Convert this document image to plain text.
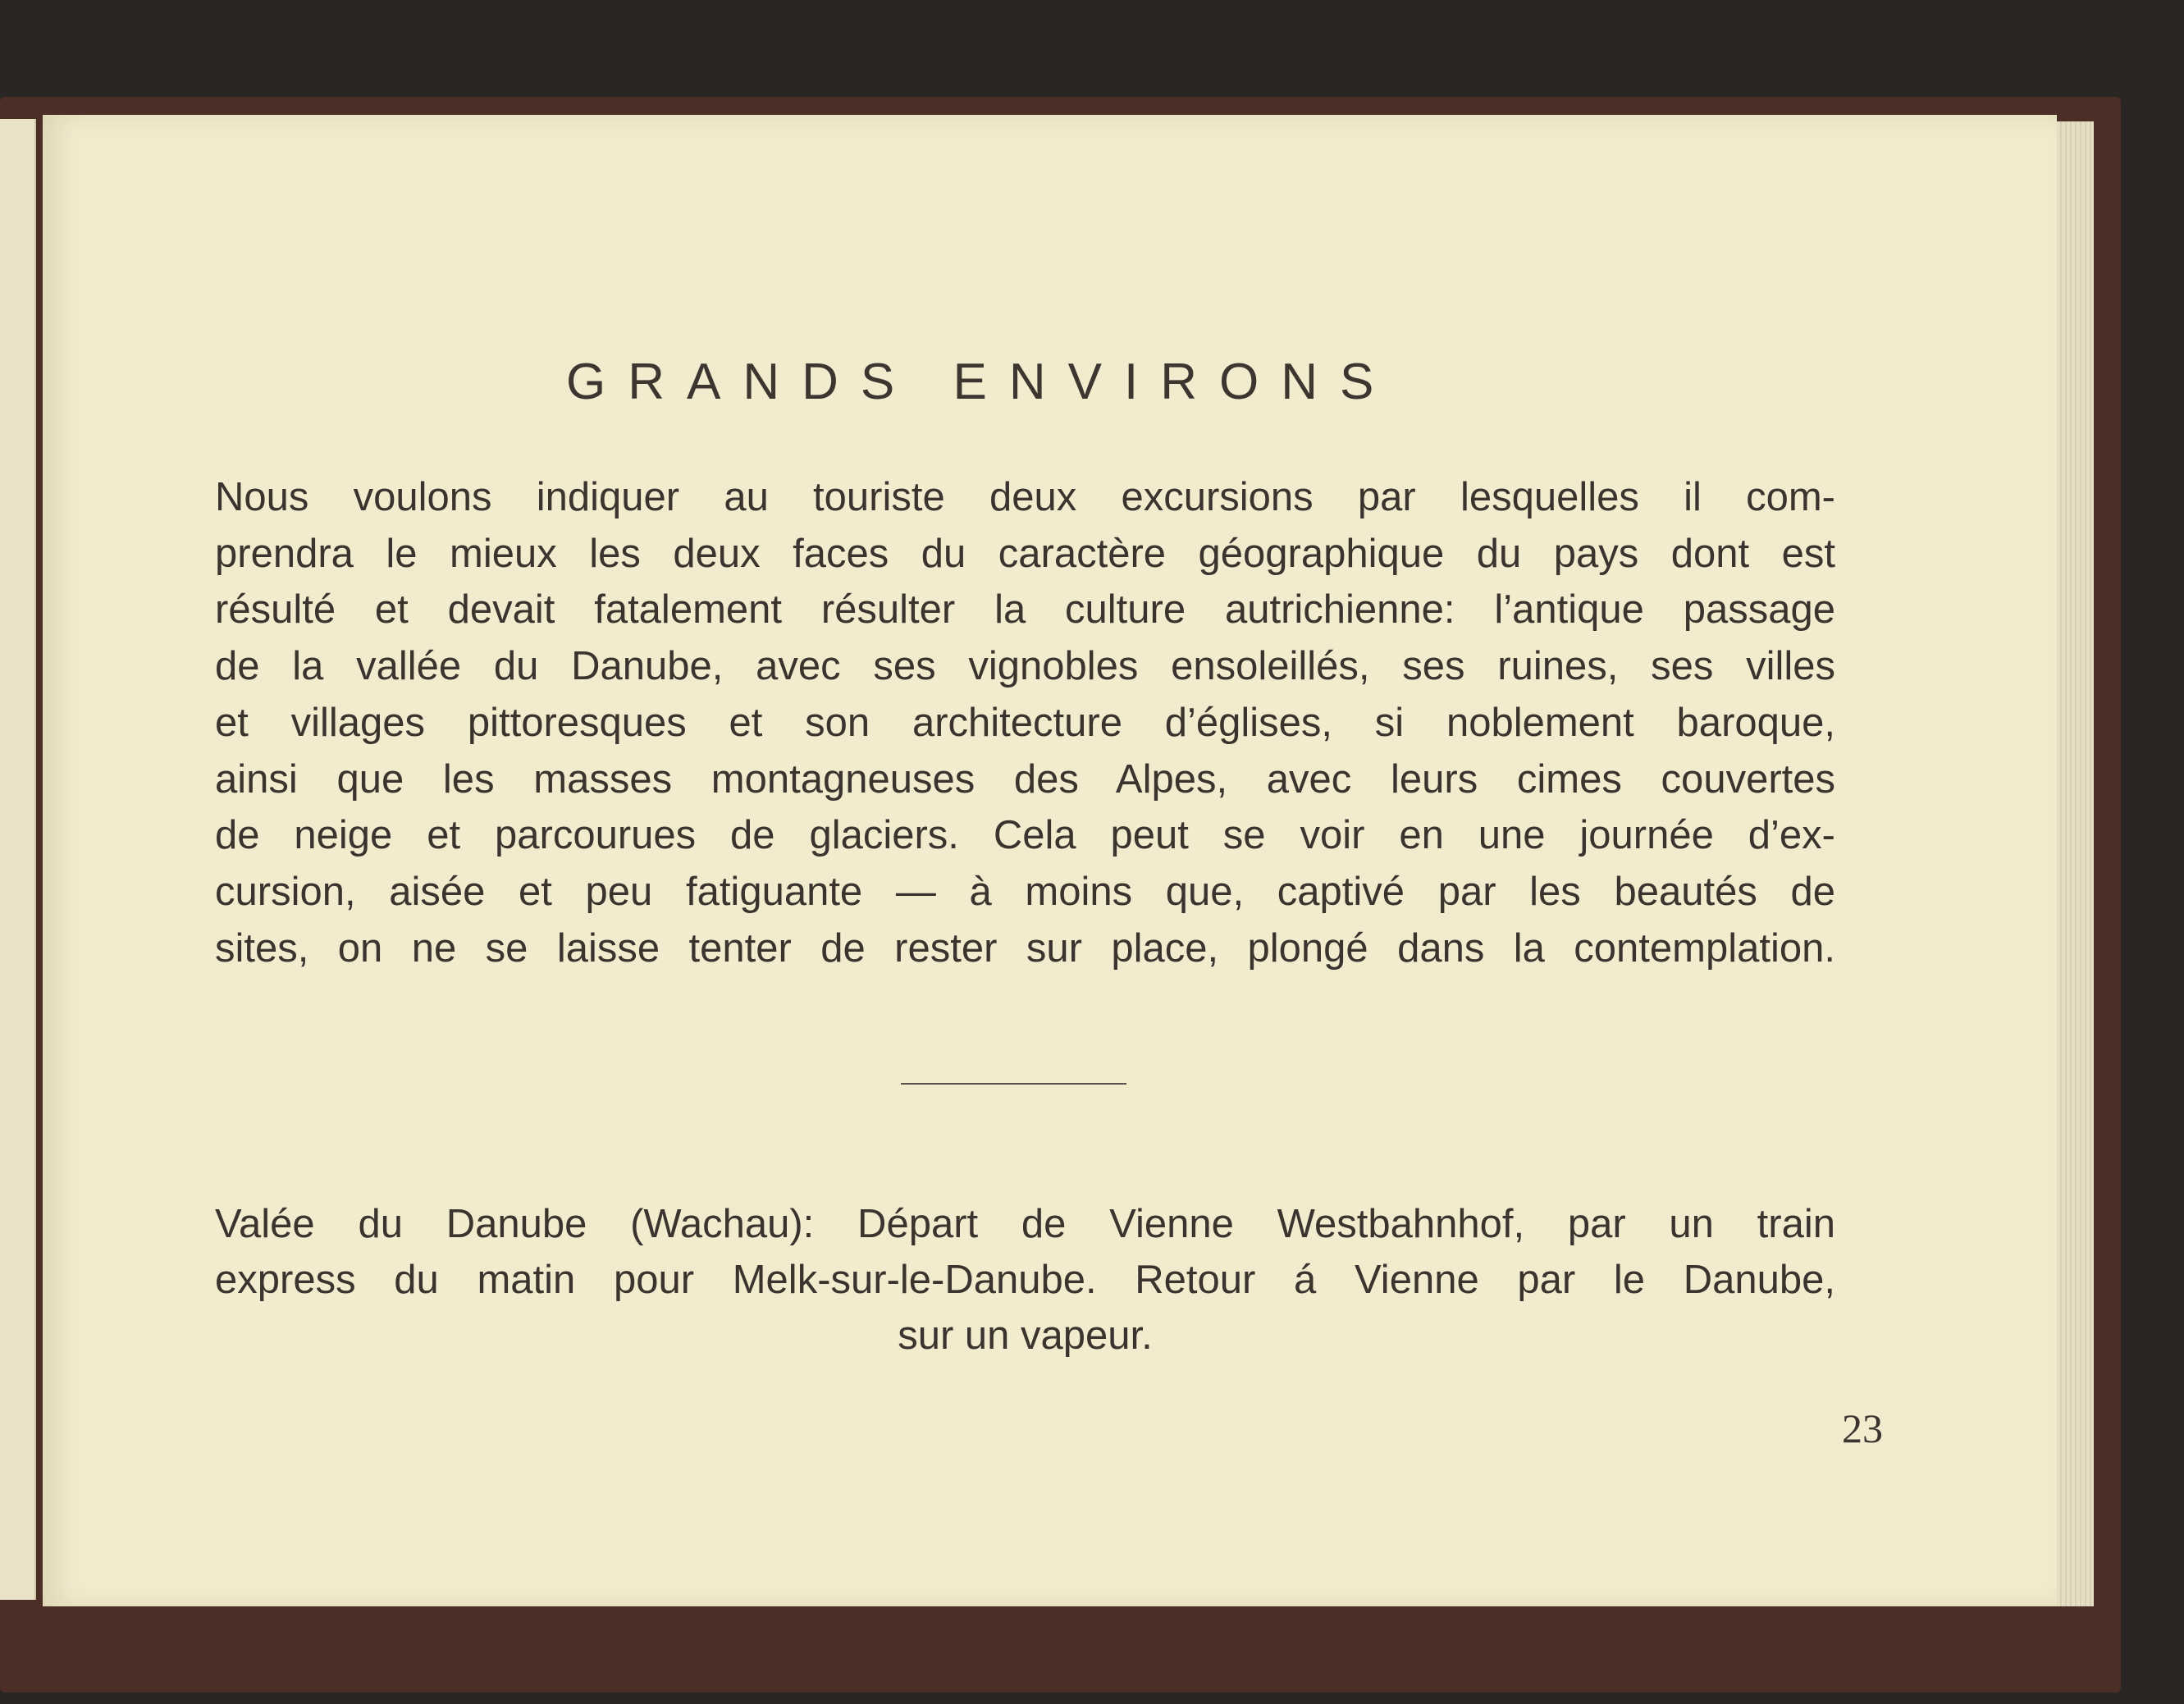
GRANDS ENVIRONS
Nous voulons indiquer au touriste deux excursions par lesquelles il com-
prendra le mieux les deux faces du caractère géographique du pays dont est
résulté et devait fatalement résulter la culture autrichienne: l’antique passage
de la vallée du Danube, avec ses vignobles ensoleillés, ses ruines, ses villes
et villages pittoresques et son architecture d’églises, si noblement baroque,
ainsi que les masses montagneuses des Alpes, avec leurs cimes couvertes
de neige et parcourues de glaciers. Cela peut se voir en une journée d’ex-
cursion, aisée et peu fatiguante — à moins que, captivé par les beautés de
sites, on ne se laisse tenter de rester sur place, plongé dans la contemplation.
Valée du Danube (Wachau): Départ de Vienne Westbahnhof, par un train
express du matin pour Melk-sur-le-Danube. Retour á Vienne par le Danube,
sur un vapeur.
23
